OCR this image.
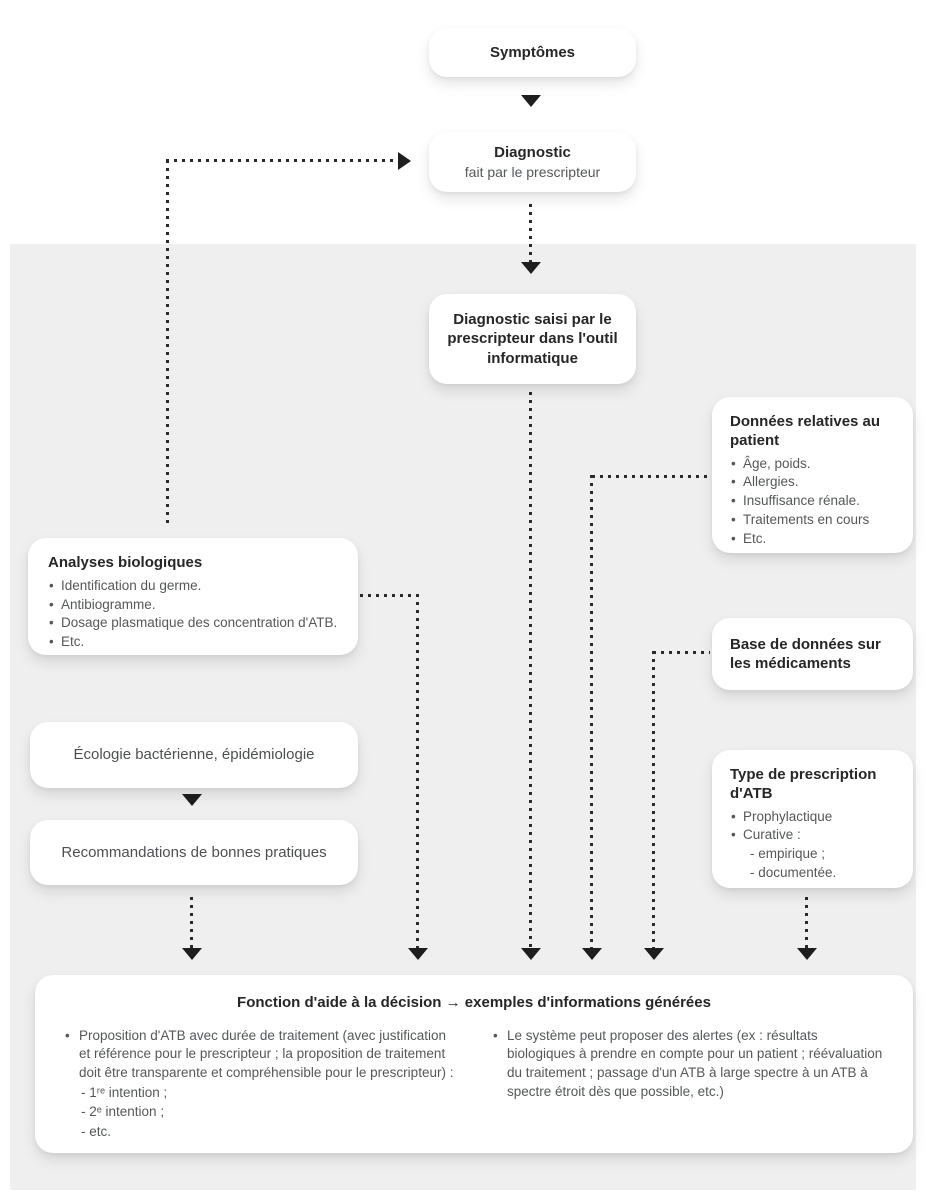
Symptômes
Diagnostic
fait par le prescripteur
Diagnostic saisi par le prescripteur dans l'outil informatique
Données relatives au patient
• Âge, poids.
• Allergies.
• Insuffisance rénale.
• Traitements en cours
• Etc.
Analyses biologiques
• Identification du germe.
• Antibiogramme.
• Dosage plasmatique des concentration d'ATB.
• Etc.	Base de données sur les médicaments
Écologie bactérienne, épidémiologie
Type de prescription d'ATB
• Prophylactique
• Curative :
- empirique ;
- documentée.
Recommandations de bonnes pratiques
Fonction d'aide à la décision → exemples d'informations générées
• Proposition d'ATB avec durée de traitement (avec justification et référence pour le prescripteur ; la proposition de traitement doit être transparente et compréhensible pour le prescripteur) :
- 1ʳᵉ intention ;
- 2ᵉ intention ;
- etc.
• Le système peut proposer des alertes (ex : résultats biologiques à prendre en compte pour un patient ; réévaluation du traitement ; passage d'un ATB à large spectre à un ATB à spectre étroit dès que possible, etc.)
